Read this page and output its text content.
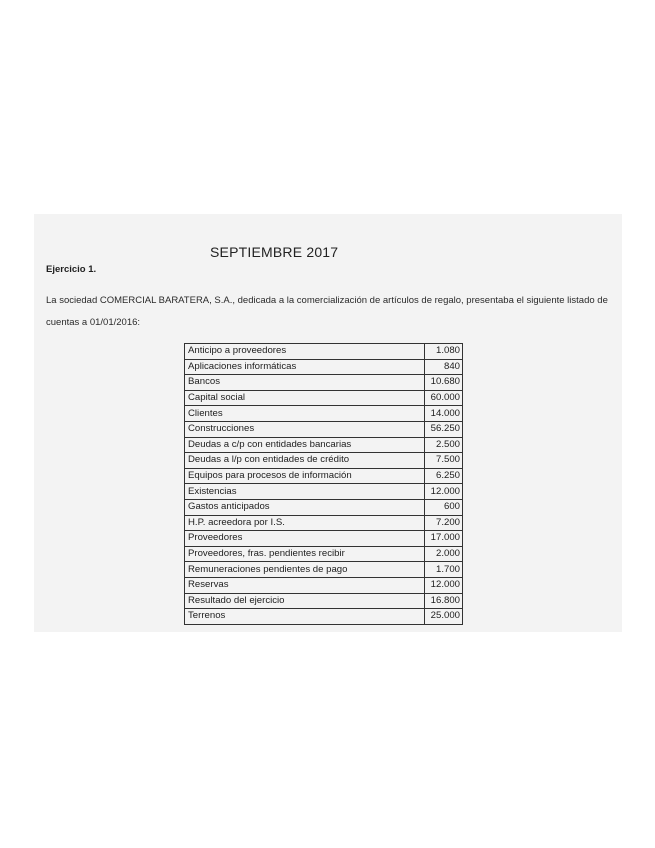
SEPTIEMBRE 2017
Ejercicio 1.
La sociedad COMERCIAL BARATERA, S.A., dedicada a la comercialización de artículos de regalo, presentaba el siguiente listado de cuentas a 01/01/2016:
Anticipo a proveedores	1.080
Aplicaciones informáticas	840
Bancos	10.680
Capital social	60.000
Clientes	14.000
Construcciones	56.250
Deudas a c/p con entidades bancarias	2.500
Deudas a l/p con entidades de crédito	7.500
Equipos para procesos de información	6.250
Existencias	12.000
Gastos anticipados	600
H.P. acreedora por I.S.	7.200
Proveedores	17.000
Proveedores, fras. pendientes recibir	2.000
Remuneraciones pendientes de pago	1.700
Reservas	12.000
Resultado del ejercicio	16.800
Terrenos	25.000
